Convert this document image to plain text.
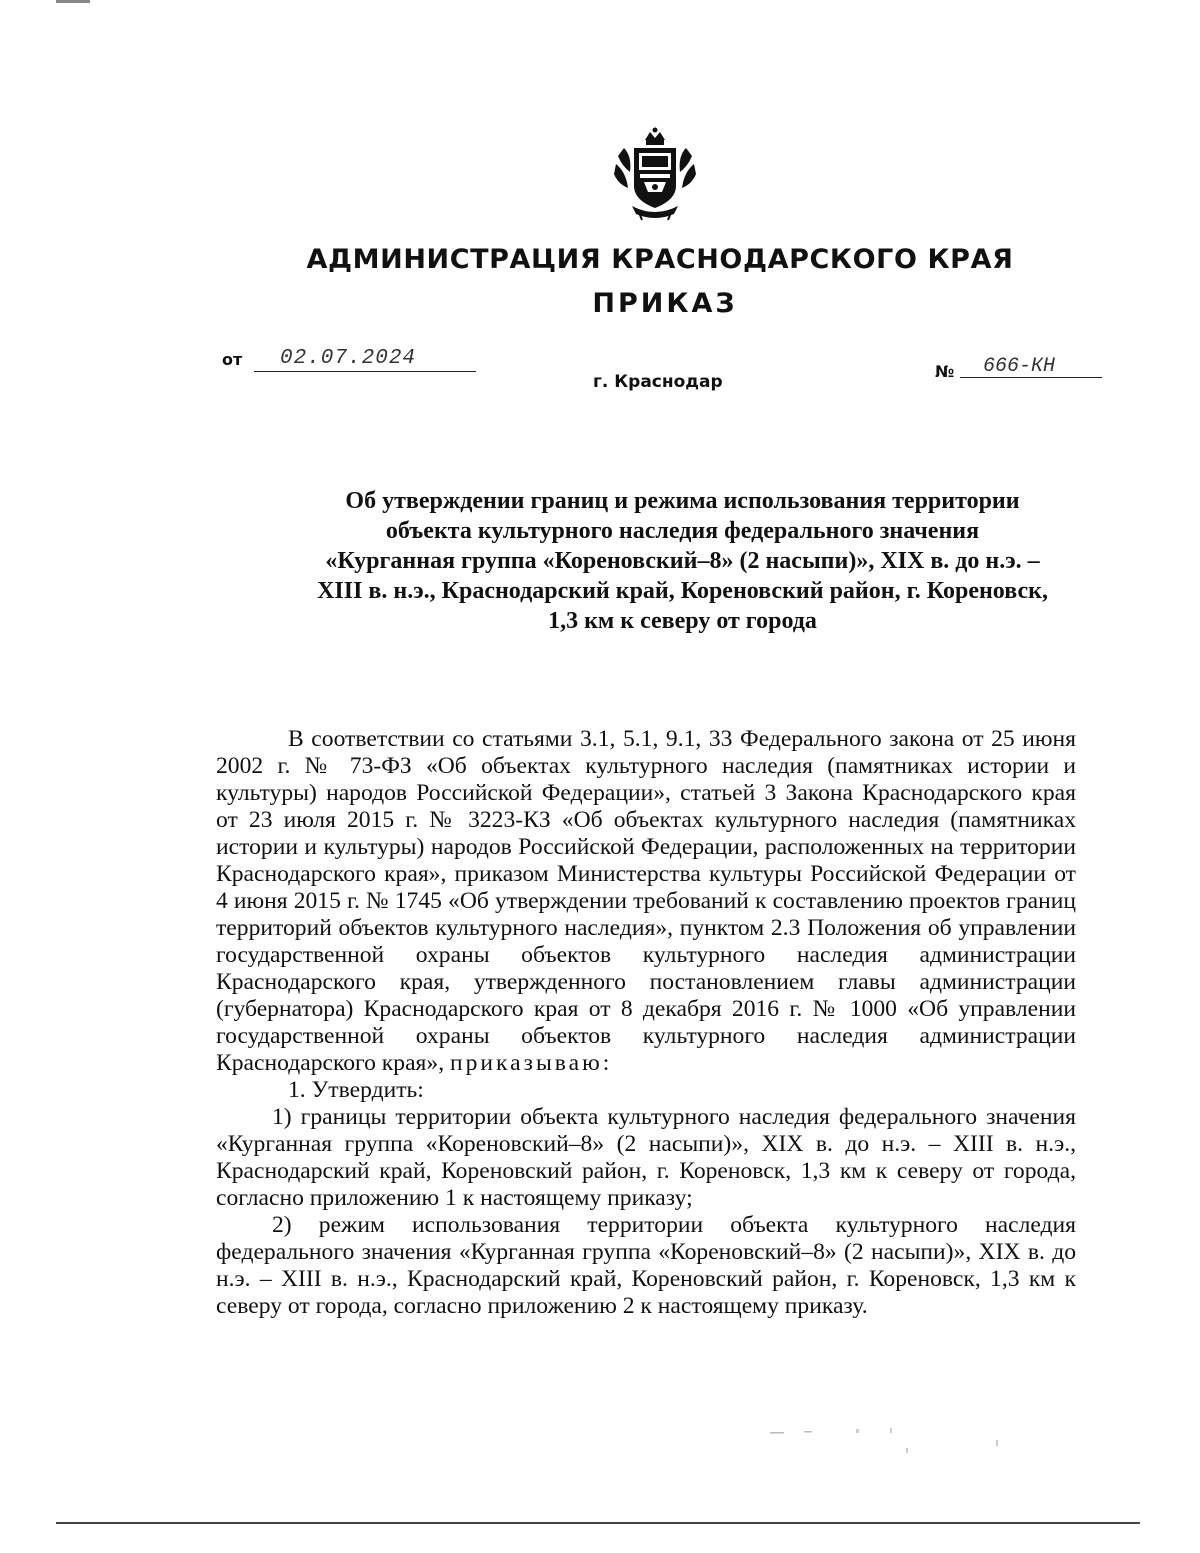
АДМИНИСТРАЦИЯ КРАСНОДАРСКОГО КРАЯ
ПРИКАЗ
от 02.07.2024
г. Краснодар
№ 666-КН
Об утверждении границ и режима использования территории
объекта культурного наследия федерального значения
«Курганная группа «Кореновский–8» (2 насыпи)», XIX в. до н.э. –
XIII в. н.э., Краснодарский край, Кореновский район, г. Кореновск,
1,3 км к северу от города

В соответствии со статьями 3.1, 5.1, 9.1, 33 Федерального закона от 25 июня 2002 г. № 73-ФЗ «Об объектах культурного наследия (памятниках истории и культуры) народов Российской Федерации», статьей 3 Закона Краснодарского края от 23 июля 2015 г. № 3223-КЗ «Об объектах культурного наследия (памятниках истории и культуры) народов Российской Федерации, расположенных на территории Краснодарского края», приказом Министерства культуры Российской Федерации от 4 июня 2015 г. № 1745 «Об утверждении требований к составлению проектов границ территорий объектов культурного наследия», пунктом 2.3 Положения об управлении государственной охраны объектов культурного наследия администрации Краснодарского края, утвержденного постановлением главы администрации (губернатора) Краснодарского края от 8 декабря 2016 г. № 1000 «Об управлении государственной охраны объектов культурного наследия администрации Краснодарского края», приказываю:

1. Утвердить:

1) границы территории объекта культурного наследия федерального значения «Курганная группа «Кореновский–8» (2 насыпи)», XIX в. до н.э. – XIII в. н.э., Краснодарский край, Кореновский район, г. Кореновск, 1,3 км к северу от города, согласно приложению 1 к настоящему приказу;

2) режим использования территории объекта культурного наследия федерального значения «Курганная группа «Кореновский–8» (2 насыпи)», XIX в. до н.э. – XIII в. н.э., Краснодарский край, Кореновский район, г. Кореновск, 1,3 км к северу от города, согласно приложению 2 к настоящему приказу.
